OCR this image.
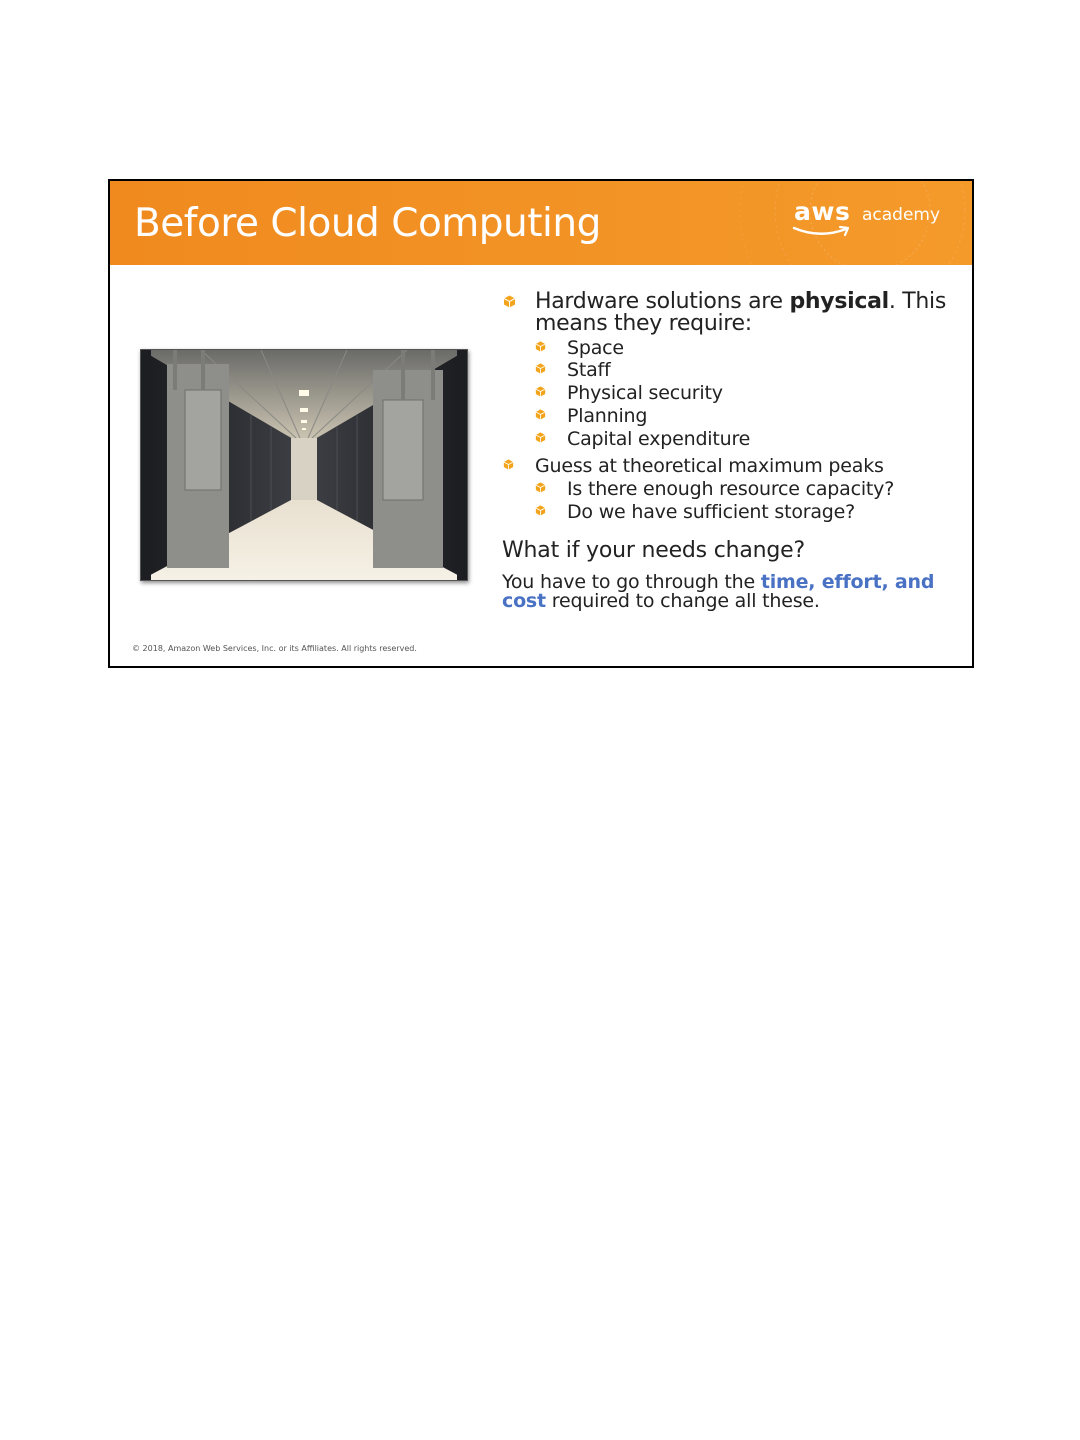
Before Cloud Computing	aws academy
Hardware solutions are physical. This
means they require:
Space
Staff
Physical security
Planning
Capital expenditure
Guess at theoretical maximum peaks
Is there enough resource capacity?
Do we have sufficient storage?
What if your needs change?
You have to go through the time, effort, and
cost required to change all these.
© 2018, Amazon Web Services, Inc. or its Affiliates. All rights reserved.
